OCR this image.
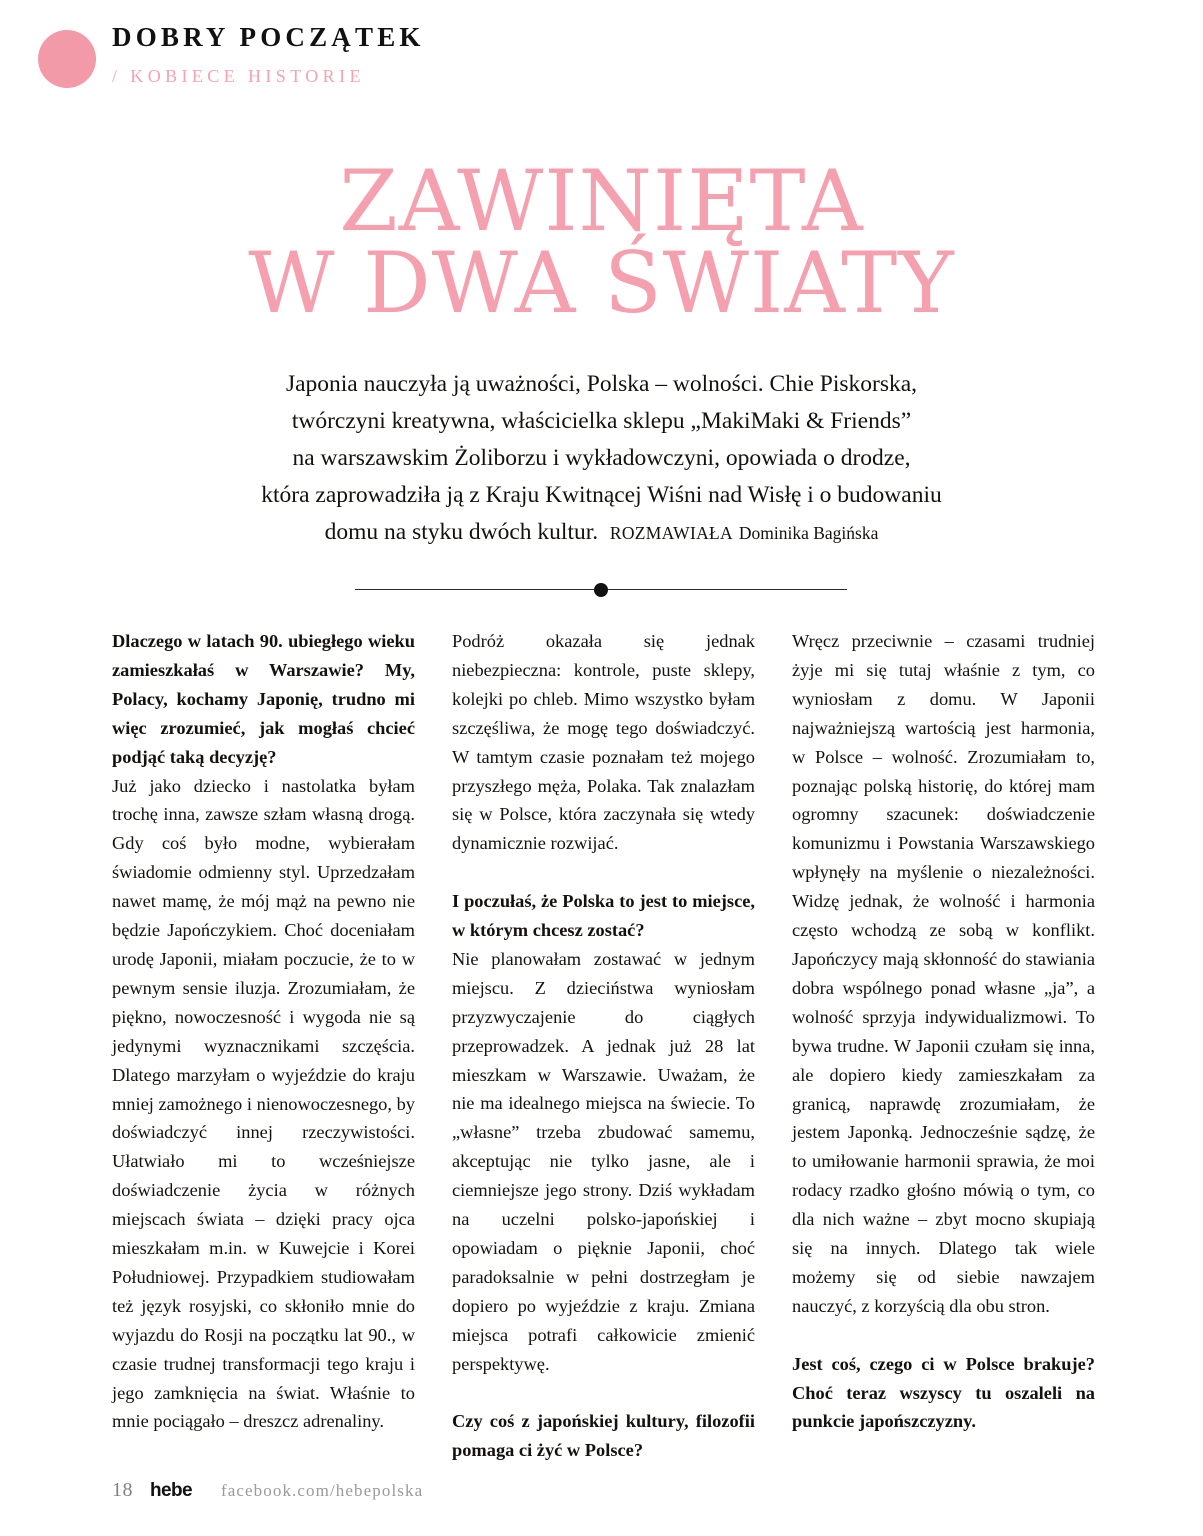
DOBRY POCZĄTEK
/ KOBIECE HISTORIE
ZAWINIĘTA
W DWA ŚWIATY
Japonia nauczyła ją uważności, Polska – wolności. Chie Piskorska,
twórczyni kreatywna, właścicielka sklepu „MakiMaki & Friends”
na warszawskim Żoliborzu i wykładowczyni, opowiada o drodze,
która zaprowadziła ją z Kraju Kwitnącej Wiśni nad Wisłę i o budowaniu
domu na styku dwóch kultur. ROZMAWIAŁA Dominika Bagińska

Dlaczego w latach 90. ubiegłego wieku zamieszkałaś w Warszawie? My, Polacy, kochamy Japonię, trudno mi więc zrozumieć, jak mogłaś chcieć podjąć taką decyzję?

Już jako dziecko i nastolatka byłam trochę inna, zawsze szłam własną drogą. Gdy coś było modne, wybierałam świadomie odmienny styl. Uprzedzałam nawet mamę, że mój mąż na pewno nie będzie Japończykiem. Choć doceniałam urodę Japonii, miałam poczucie, że to w pewnym sensie iluzja. Zrozumiałam, że piękno, nowoczesność i wygoda nie są jedynymi wyznacznikami szczęścia. Dlatego marzyłam o wyjeździe do kraju mniej zamożnego i nienowoczesnego, by doświadczyć innej rzeczywistości. Ułatwiało mi to wcześniejsze doświadczenie życia w różnych miejscach świata – dzięki pracy ojca mieszkałam m.in. w Kuwejcie i Korei Południowej. Przypadkiem studiowałam też język rosyjski, co skłoniło mnie do wyjazdu do Rosji na początku lat 90., w czasie trudnej transformacji tego kraju i jego zamknięcia na świat. Właśnie to mnie pociągało – dreszcz adrenaliny.

Podróż okazała się jednak niebezpieczna: kontrole, puste sklepy, kolejki po chleb. Mimo wszystko byłam szczęśliwa, że mogę tego doświadczyć. W tamtym czasie poznałam też mojego przyszłego męża, Polaka. Tak znalazłam się w Polsce, która zaczynała się wtedy dynamicznie rozwijać.

I poczułaś, że Polska to jest to miejsce, w którym chcesz zostać?

Nie planowałam zostawać w jednym miejscu. Z dzieciństwa wyniosłam przyzwyczajenie do ciągłych przeprowadzek. A jednak już 28 lat mieszkam w Warszawie. Uważam, że nie ma idealnego miejsca na świecie. To „własne” trzeba zbudować samemu, akceptując nie tylko jasne, ale i ciemniejsze jego strony. Dziś wykładam na uczelni polsko-japońskiej i opowiadam o pięknie Japonii, choć paradoksalnie w pełni dostrzegłam je dopiero po wyjeździe z kraju. Zmiana miejsca potrafi całkowicie zmienić perspektywę.

Czy coś z japońskiej kultury, filozofii pomaga ci żyć w Polsce?

Wręcz przeciwnie – czasami trudniej żyje mi się tutaj właśnie z tym, co wyniosłam z domu. W Japonii najważniejszą wartością jest harmonia, w Polsce – wolność. Zrozumiałam to, poznając polską historię, do której mam ogromny szacunek: doświadczenie komunizmu i Powstania Warszawskiego wpłynęły na myślenie o niezależności. Widzę jednak, że wolność i harmonia często wchodzą ze sobą w konflikt. Japończycy mają skłonność do stawiania dobra wspólnego ponad własne „ja”, a wolność sprzyja indywidualizmowi. To bywa trudne. W Japonii czułam się inna, ale dopiero kiedy zamieszkałam za granicą, naprawdę zrozumiałam, że jestem Japonką. Jednocześnie sądzę, że to umiłowanie harmonii sprawia, że moi rodacy rzadko głośno mówią o tym, co dla nich ważne – zbyt mocno skupiają się na innych. Dlatego tak wiele możemy się od siebie nawzajem nauczyć, z korzyścią dla obu stron.

Jest coś, czego ci w Polsce brakuje? Choć teraz wszyscy tu oszaleli na punkcie japońszczyzny.

18 hebe facebook.com/hebepolska
